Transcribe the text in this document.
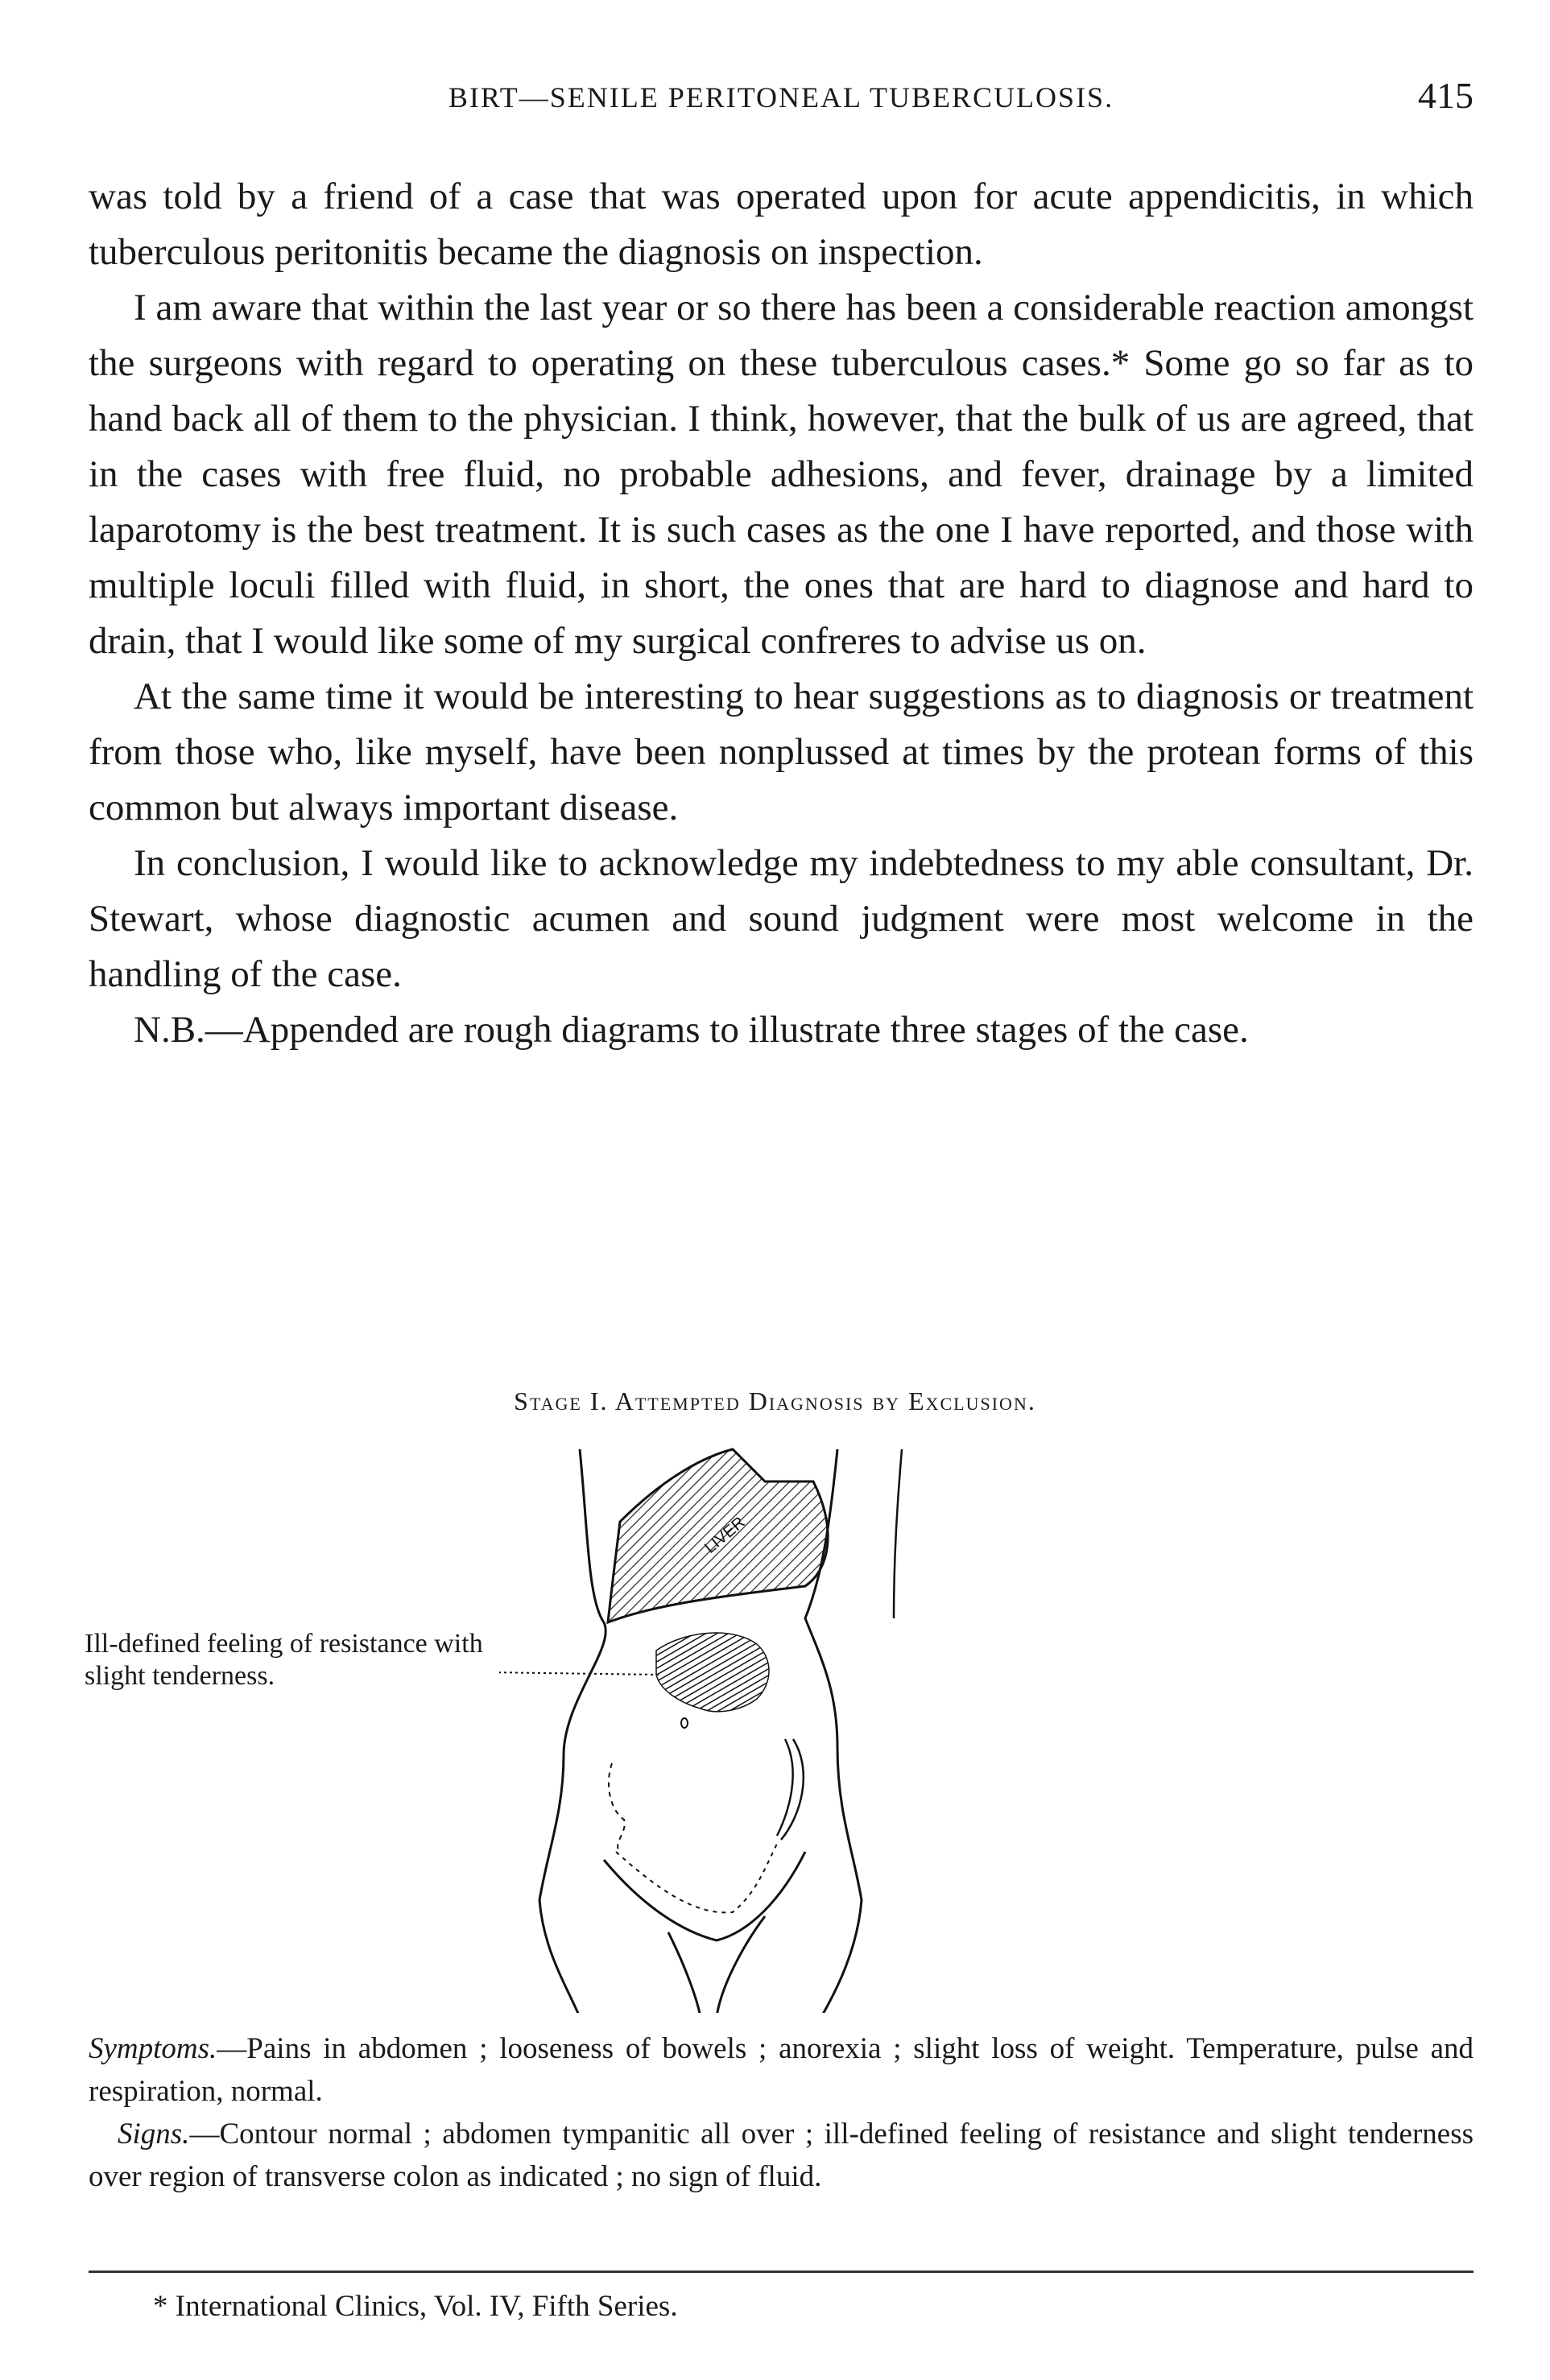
BIRT—SENILE PERITONEAL TUBERCULOSIS.	415

was told by a friend of a case that was operated upon for acute appendicitis, in which tuberculous peritonitis became the diagnosis on inspection.

I am aware that within the last year or so there has been a considerable reaction amongst the surgeons with regard to operating on these tuberculous cases.* Some go so far as to hand back all of them to the physician. I think, however, that the bulk of us are agreed, that in the cases with free fluid, no probable adhesions, and fever, drainage by a limited laparotomy is the best treatment. It is such cases as the one I have reported, and those with multiple loculi filled with fluid, in short, the ones that are hard to diagnose and hard to drain, that I would like some of my surgical confreres to advise us on.

At the same time it would be interesting to hear suggestions as to diagnosis or treatment from those who, like myself, have been nonplussed at times by the protean forms of this common but always important disease.

In conclusion, I would like to acknowledge my indebtedness to my able consultant, Dr. Stewart, whose diagnostic acumen and sound judgment were most welcome in the handling of the case.

N.B.—Appended are rough diagrams to illustrate three stages of the case.

Stage I. Attempted Diagnosis by Exclusion.
Ill-defined feeling of resistance with slight tenderness.
LIVER

Symptoms.—Pains in abdomen ; looseness of bowels ; anorexia ; slight loss of weight. Temperature, pulse and respiration, normal.

Signs.—Contour normal ; abdomen tympanitic all over ; ill-defined feeling of resistance and slight tenderness over region of transverse colon as indicated ; no sign of fluid.

* International Clinics, Vol. IV, Fifth Series.
